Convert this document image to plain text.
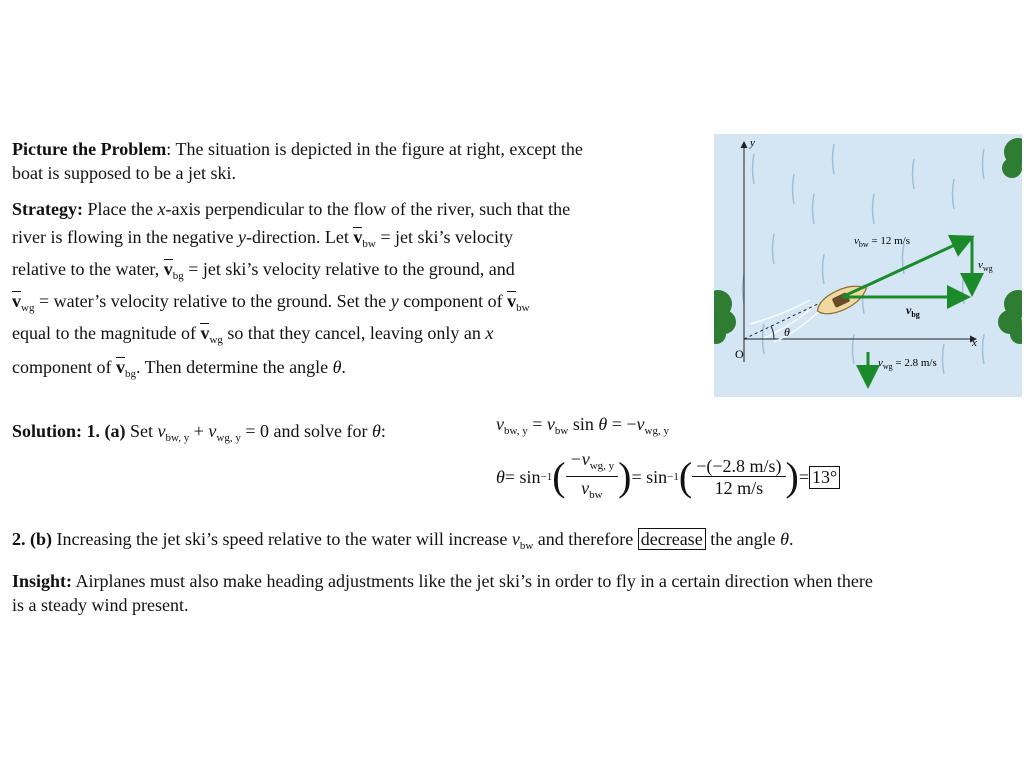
Picture the Problem: The situation is depicted in the figure at right, except the
boat is supposed to be a jet ski.
Strategy: Place the x-axis perpendicular to the flow of the river, such that the
river is flowing in the negative y-direction. Let $v_{bw}$ = jet ski’s velocity
relative to the water, $v_{bg}$ = jet ski’s velocity relative to the ground, and
$v_{wg}$ = water’s velocity relative to the ground. Set the y component of $v_{bw}$
equal to the magnitude of $v_{wg}$ so that they cancel, leaving only an x
component of $v_{bg}$. Then determine the angle θ.
Solution: 1. (a) Set $v_{bw, y} + v_{wg, y} = 0$ and solve for θ:	$v_{bw, y} = v_{bw}$ $\sin \theta = -v_{wg, y}$
θ = sin −1 ( $\frac{-v_{wg, y}}{v_{bw}}$ ) = sin −1 ( $\frac{-(-2.8 m/s)}{12 m/s}$ ) = 13°
2. (b) Increasing the jet ski’s speed relative to the water will increase $v_{bw}$ and therefore decrease the angle θ.
Insight: Airplanes must also make heading adjustments like the jet ski’s in order to fly in a certain direction when there
is a steady wind present.
y
x
O
θ
$v_{bw} = 12$ m/s
$v_{wg}$
$v_{bg}$
$v_{wg} = 2.8$ m/s
